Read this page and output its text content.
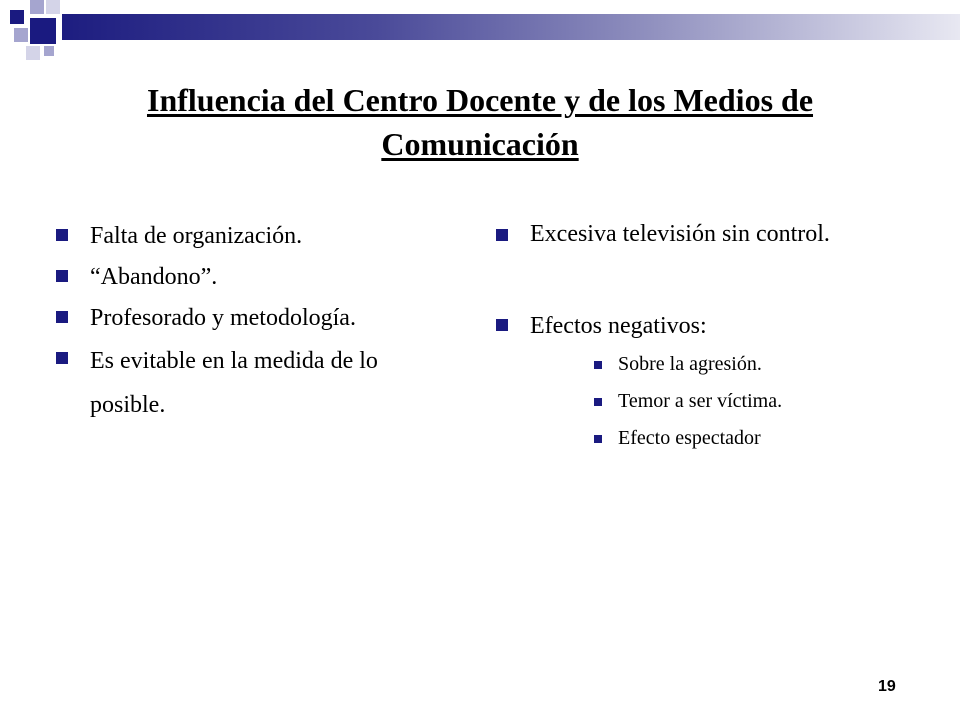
Influencia del Centro Docente y de los Medios de
Comunicación
Falta de organización.
“Abandono”.
Profesorado y metodología.
Es evitable en la medida de lo posible.
Excesiva televisión sin control.
Efectos negativos:
Sobre la agresión.
Temor a ser víctima.
Efecto espectador
19
